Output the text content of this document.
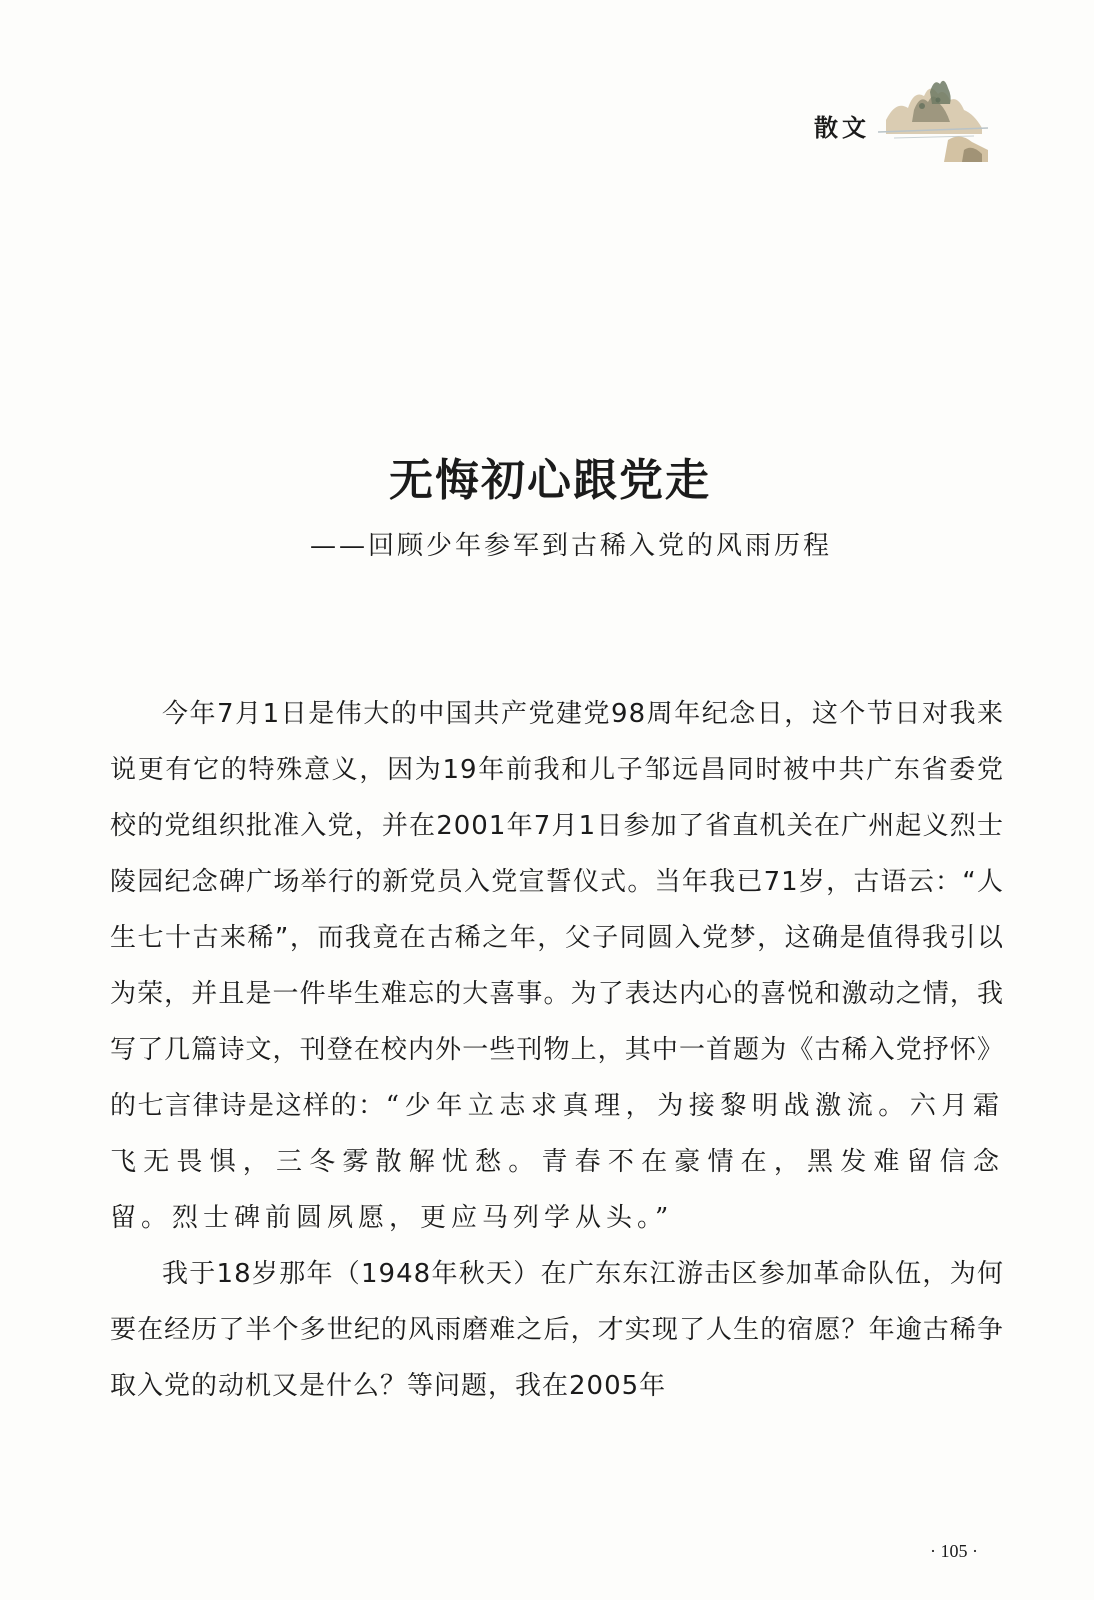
散文
无悔初心跟党走
——回顾少年参军到古稀入党的风雨历程

今年7月1日是伟大的中国共产党建党98周年纪念日，这个节日对我来说更有它的特殊意义，因为19年前我和儿子邹远昌同时被中共广东省委党校的党组织批准入党，并在2001年7月1日参加了省直机关在广州起义烈士陵园纪念碑广场举行的新党员入党宣誓仪式。当年我已71岁，古语云：“人生七十古来稀”，而我竟在古稀之年，父子同圆入党梦，这确是值得我引以为荣，并且是一件毕生难忘的大喜事。为了表达内心的喜悦和激动之情，我写了几篇诗文，刊登在校内外一些刊物上，其中一首题为《古稀入党抒怀》的七言律诗是这样的：“少年立志求真理，为接黎明战激流。六月霜飞无畏惧，三冬雾散解忧愁。青春不在豪情在，黑发难留信念留。烈士碑前圆夙愿，更应马列学从头。”

我于18岁那年（1948年秋天）在广东东江游击区参加革命队伍，为何要在经历了半个多世纪的风雨磨难之后，才实现了人生的宿愿？年逾古稀争取入党的动机又是什么？等问题，我在2005年

· 105 ·
